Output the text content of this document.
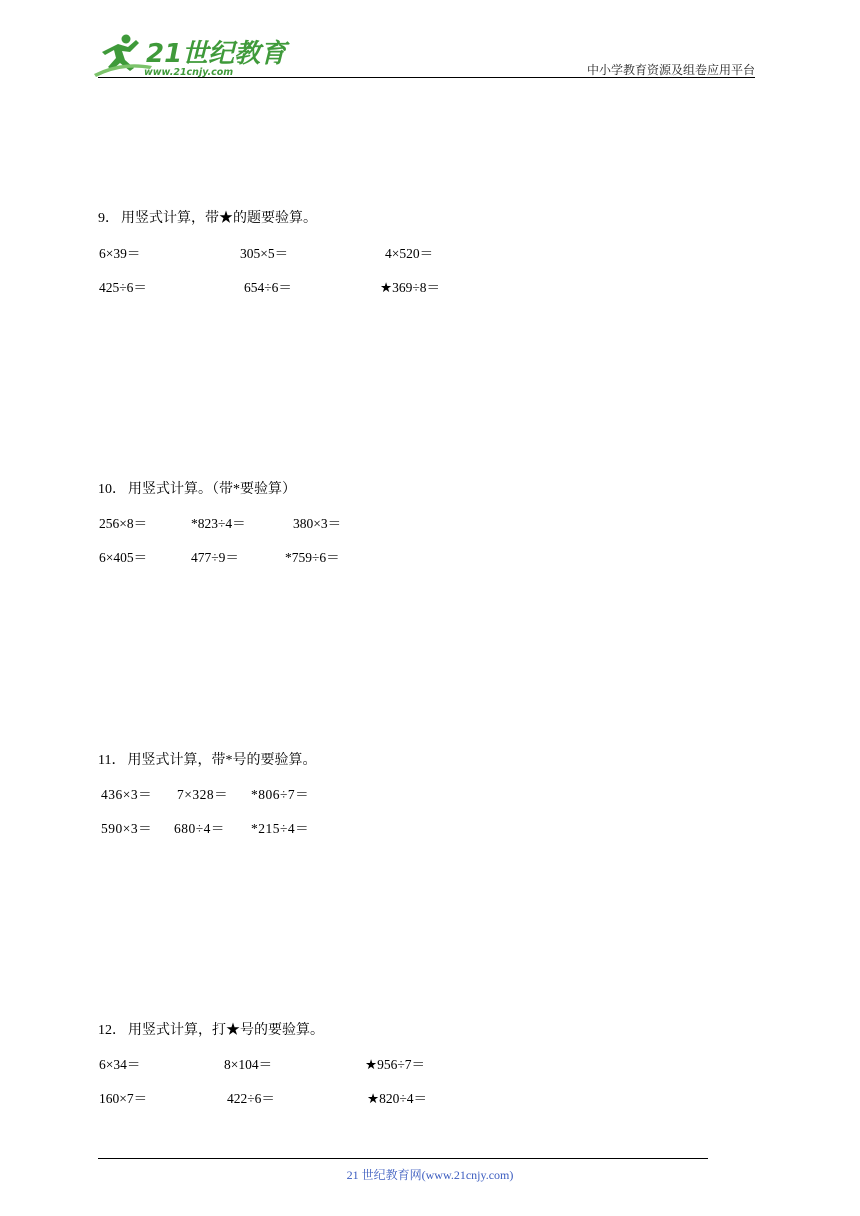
21世纪教育
www.21cnjy.com	中小学教育资源及组卷应用平台
9． 用竖式计算，带★的题要验算。
6×39＝	305×5＝	4×520＝
425÷6＝	654÷6＝	★369÷8＝
10． 用竖式计算。（带*要验算）
256×8＝	*823÷4＝	380×3＝
6×405＝	477÷9＝	*759÷6＝
11． 用竖式计算，带*号的要验算。
436×3＝ 7×328＝ *806÷7＝
590×3＝ 680÷4＝ *215÷4＝
12． 用竖式计算，打★号的要验算。
6×34＝	8×104＝	★956÷7＝
160×7＝	422÷6＝	★820÷4＝
21 世纪教育网(www.21cnjy.com)
